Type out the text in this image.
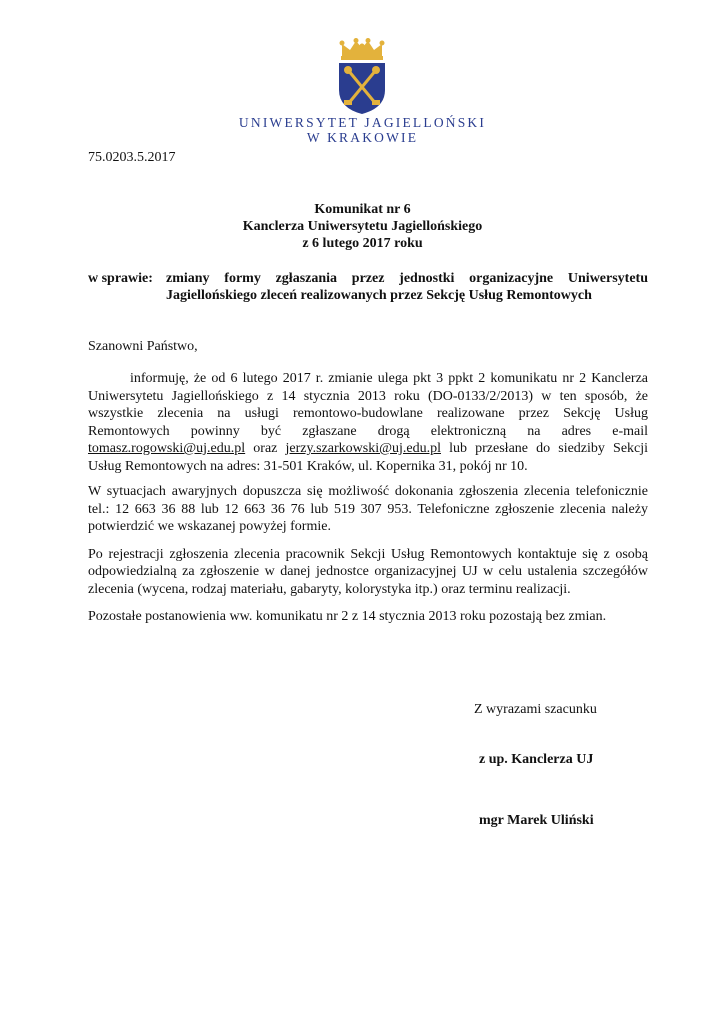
UNIWERSYTET JAGIELLOŃSKI
W KRAKOWIE
75.0203.5.2017
Komunikat nr 6
Kanclerza Uniwersytetu Jagiellońskiego
z 6 lutego 2017 roku
w sprawie: zmiany formy zgłaszania przez jednostki organizacyjne Uniwersytetu Jagiellońskiego zleceń realizowanych przez Sekcję Usług Remontowych
Szanowni Państwo,

informuję, że od 6 lutego 2017 r. zmianie ulega pkt 3 ppkt 2 komunikatu nr 2 Kanclerza Uniwersytetu Jagiellońskiego z 14 stycznia 2013 roku (DO-0133/2/2013) w ten sposób, że wszystkie zlecenia na usługi remontowo-budowlane realizowane przez Sekcję Usług Remontowych powinny być zgłaszane drogą elektroniczną na adres e-mail tomasz.rogowski@uj.edu.pl oraz jerzy.szarkowski@uj.edu.pl lub przesłane do siedziby Sekcji Usług Remontowych na adres: 31-501 Kraków, ul. Kopernika 31, pokój nr 10.

W sytuacjach awaryjnych dopuszcza się możliwość dokonania zgłoszenia zlecenia telefonicznie tel.: 12 663 36 88 lub 12 663 36 76 lub 519 307 953. Telefoniczne zgłoszenie zlecenia należy potwierdzić we wskazanej powyżej formie.

Po rejestracji zgłoszenia zlecenia pracownik Sekcji Usług Remontowych kontaktuje się z osobą odpowiedzialną za zgłoszenie w danej jednostce organizacyjnej UJ w celu ustalenia szczegółów zlecenia (wycena, rodzaj materiału, gabaryty, kolorystyka itp.) oraz terminu realizacji.

Pozostałe postanowienia ww. komunikatu nr 2 z 14 stycznia 2013 roku pozostają bez zmian.

Z wyrazami szacunku
z up. Kanclerza UJ
mgr Marek Uliński
